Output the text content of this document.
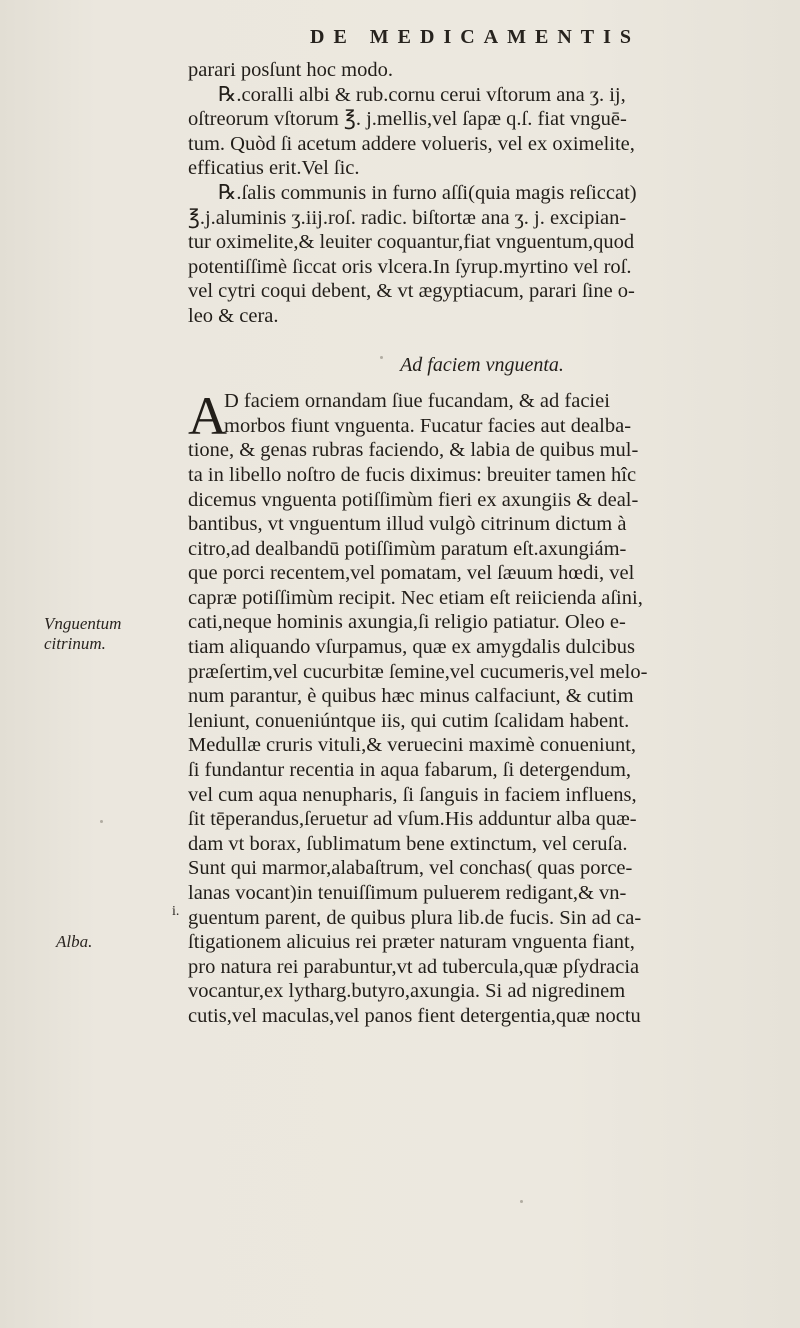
DE MEDICAMENTIS
parari posſunt hoc modo.
℞.coralli albi & rub.cornu cerui vſtorum ana ʒ. ij,
oſtreorum vſtorum ℥. j.mellis,vel ſapæ q.ſ. fiat vnguē-
tum. Quòd ſi acetum addere volueris, vel ex oximelite,
efficatius erit.Vel ſic.
℞.ſalis communis in furno aſſi(quia magis reſiccat)
℥.j.aluminis ʒ.iij.roſ. radic. biſtortæ ana ʒ. j. excipian-
tur oximelite,& leuiter coquantur,fiat vnguentum,quod
potentiſſimè ſiccat oris vlcera.In ſyrup.myrtino vel roſ.
vel cytri coqui debent, & vt ægyptiacum, parari ſine o-
leo & cera.
Ad faciem vnguenta.
A
D faciem ornandam ſiue fucandam, & ad faciei
morbos fiunt vnguenta. Fucatur facies aut dealba-
tione, & genas rubras faciendo, & labia de quibus mul-
ta in libello noſtro de fucis diximus: breuiter tamen hîc
dicemus vnguenta potiſſimùm fieri ex axungiis & deal-
bantibus, vt vnguentum illud vulgò citrinum dictum à
citro,ad dealbandū potiſſimùm paratum eſt.axungiám-
que porci recentem,vel pomatam, vel ſæuum hœdi, vel
capræ potiſſimùm recipit. Nec etiam eſt reiicienda aſini,
cati,neque hominis axungia,ſi religio patiatur. Oleo e-
tiam aliquando vſurpamus, quæ ex amygdalis dulcibus
præſertim,vel cucurbitæ ſemine,vel cucumeris,vel melo-
num parantur, è quibus hæc minus calfaciunt, & cutim
leniunt, conueniúntque iis, qui cutim ſcalidam habent.
Medullæ cruris vituli,& veruecini maximè conueniunt,
ſi fundantur recentia in aqua fabarum, ſi detergendum,
vel cum aqua nenupharis, ſi ſanguis in faciem influens,
ſit tēperandus,ſeruetur ad vſum.His adduntur alba quæ-
dam vt borax, ſublimatum bene extinctum, vel ceruſa.
Sunt qui marmor,alabaſtrum, vel conchas( quas porce-
lanas vocant)in tenuiſſimum puluerem redigant,& vn-
guentum parent, de quibus plura lib.de fucis. Sin ad ca-
ſtigationem alicuius rei præter naturam vnguenta fiant,
pro natura rei parabuntur,vt ad tubercula,quæ pſydracia
vocantur,ex lytharg.butyro,axungia. Si ad nigredinem
cutis,vel maculas,vel panos fient detergentia,quæ noctu
Vnguentum
citrinum.
Alba.
i.
